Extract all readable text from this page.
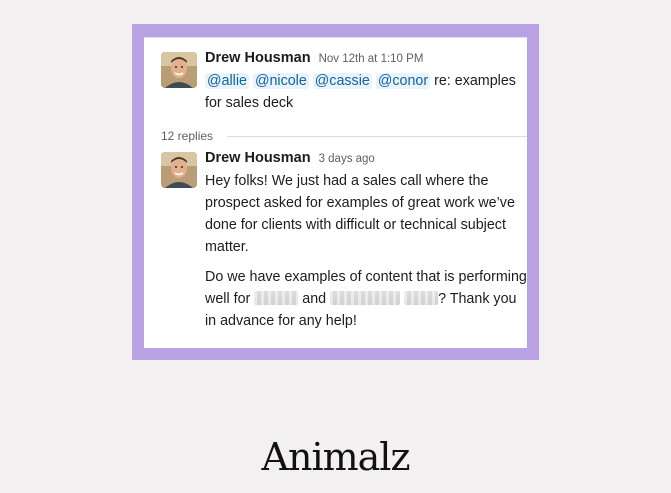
Drew Housman Nov 12th at 1:10 PM
@allie @nicole @cassie @conor re: examples for sales deck
12 replies
Drew Housman 3 days ago

Hey folks! We just had a sales call where the prospect asked for examples of great work we’ve done for clients with difficult or technical subject matter.

Do we have examples of content that is performing well for	and	? Thank you in advance for any help!

Animalz
